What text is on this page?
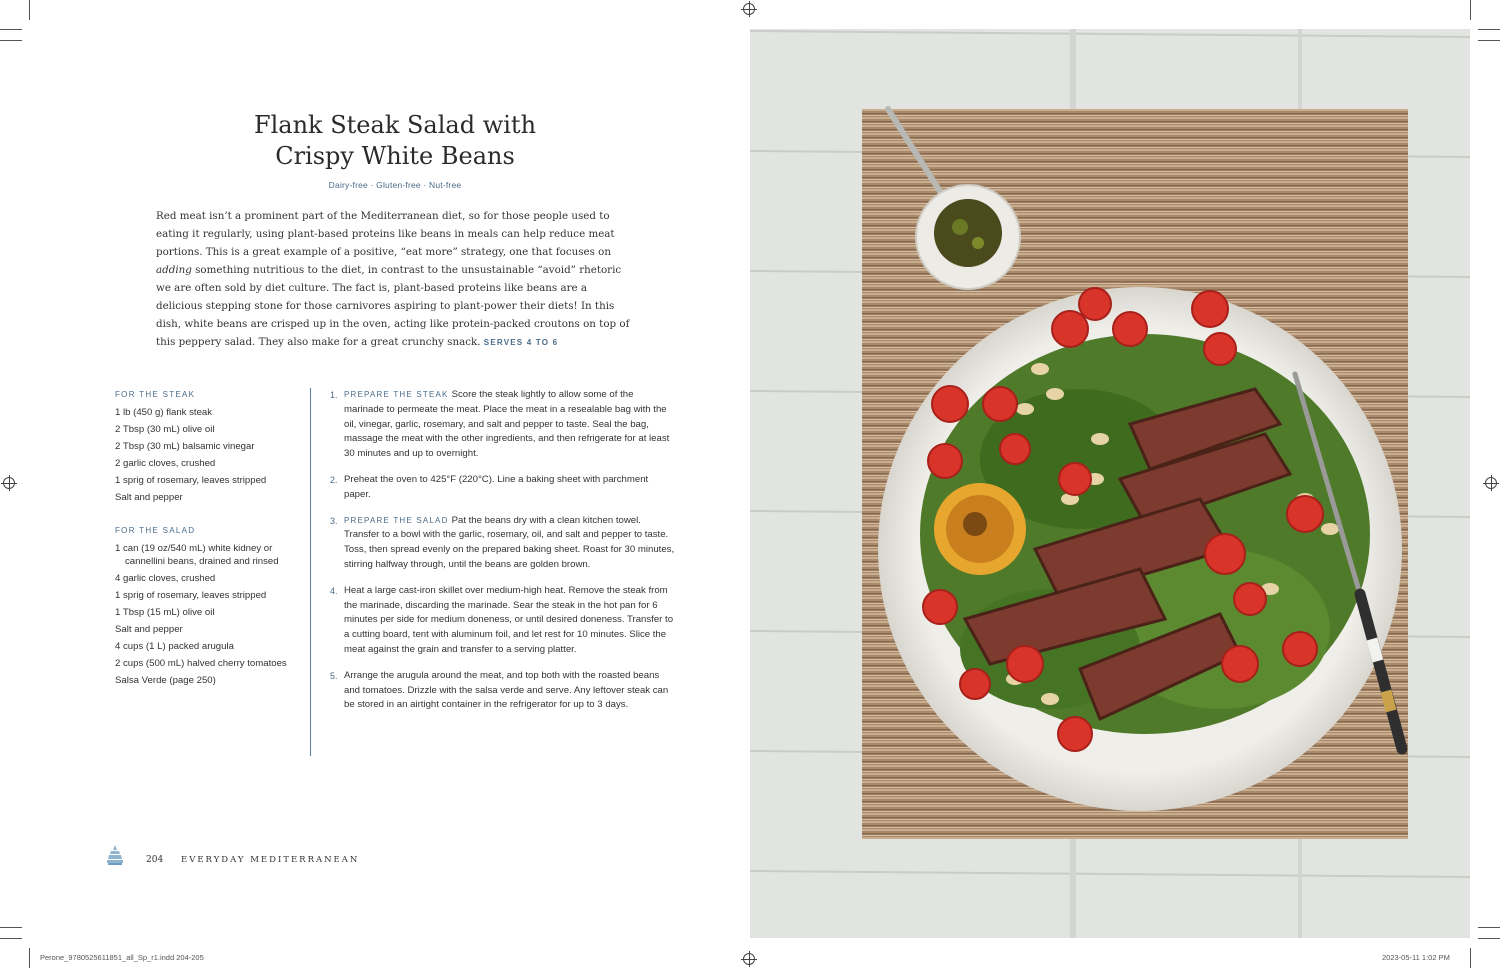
Flank Steak Salad with
Crispy White Beans
Dairy-free · Gluten-free · Nut-free

Red meat isn’t a prominent part of the Mediterranean diet, so for those people used to eating it regularly, using plant-based proteins like beans in meals can help reduce meat portions. This is a great example of a positive, “eat more” strategy, one that focuses on adding something nutritious to the diet, in contrast to the unsustainable “avoid” rhetoric we are often sold by diet culture. The fact is, plant-based proteins like beans are a delicious stepping stone for those carnivores aspiring to plant-power their diets! In this dish, white beans are crisped up in the oven, acting like protein-packed croutons on top of this peppery salad. They also make for a great crunchy snack. SERVES 4 TO 6

FOR THE STEAK
1 lb (450 g) flank steak
2 Tbsp (30 mL) olive oil
2 Tbsp (30 mL) balsamic vinegar
2 garlic cloves, crushed
1 sprig of rosemary, leaves stripped
Salt and pepper
FOR THE SALAD
1 can (19 oz/540 mL) white kidney or cannellini beans, drained and rinsed
4 garlic cloves, crushed
1 sprig of rosemary, leaves stripped
1 Tbsp (15 mL) olive oil
Salt and pepper
4 cups (1 L) packed arugula
2 cups (500 mL) halved cherry tomatoes
Salsa Verde (page 250)
1. PREPARE THE STEAK Score the steak lightly to allow some of the marinade to permeate the meat. Place the meat in a resealable bag with the oil, vinegar, garlic, rosemary, and salt and pepper to taste. Seal the bag, massage the meat with the other ingredients, and then refrigerate for at least 30 minutes and up to overnight.
2. Preheat the oven to 425°F (220°C). Line a baking sheet with parchment paper.
3. PREPARE THE SALAD Pat the beans dry with a clean kitchen towel. Transfer to a bowl with the garlic, rosemary, oil, and salt and pepper to taste. Toss, then spread evenly on the prepared baking sheet. Roast for 30 minutes, stirring halfway through, until the beans are golden brown.
4. Heat a large cast-iron skillet over medium-high heat. Remove the steak from the marinade, discarding the marinade. Sear the steak in the hot pan for 6 minutes per side for medium doneness, or until desired doneness. Transfer to a cutting board, tent with aluminum foil, and let rest for 10 minutes. Slice the meat against the grain and transfer to a serving platter.
5. Arrange the arugula around the meat, and top both with the roasted beans and tomatoes. Drizzle with the salsa verde and serve. Any leftover steak can be stored in an airtight container in the refrigerator for up to 3 days.
204 EVERYDAY MEDITERRANEAN
Perone_9780525611851_all_Sp_r1.indd 204-205	2023-05-11 1:02 PM
